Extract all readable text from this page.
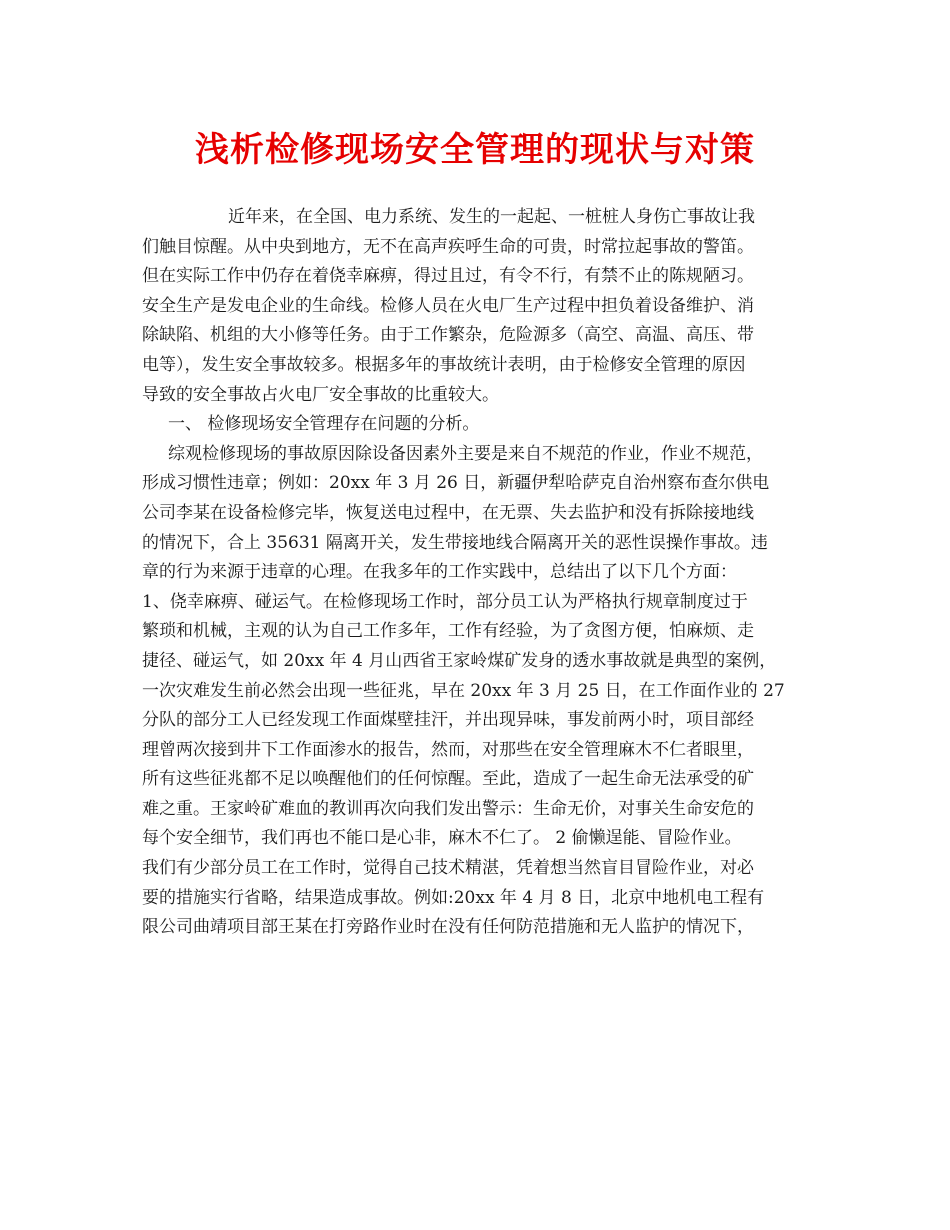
浅析检修现场安全管理的现状与对策
近年来，在全国、电力系统、发生的一起起、一桩桩人身伤亡事故让我
们触目惊醒。从中央到地方，无不在高声疾呼生命的可贵，时常拉起事故的警笛。
但在实际工作中仍存在着侥幸麻痹，得过且过，有令不行，有禁不止的陈规陋习。
安全生产是发电企业的生命线。检修人员在火电厂生产过程中担负着设备维护、消
除缺陷、机组的大小修等任务。由于工作繁杂，危险源多（高空、高温、高压、带
电等），发生安全事故较多。根据多年的事故统计表明，由于检修安全管理的原因
导致的安全事故占火电厂安全事故的比重较大。
一、 检修现场安全管理存在问题的分析。
综观检修现场的事故原因除设备因素外主要是来自不规范的作业，作业不规范，
形成习惯性违章；例如：20xx 年 3 月 26 日，新疆伊犁哈萨克自治州察布查尔供电
公司李某在设备检修完毕，恢复送电过程中，在无票、失去监护和没有拆除接地线
的情况下，合上 35631 隔离开关，发生带接地线合隔离开关的恶性误操作事故。违
章的行为来源于违章的心理。在我多年的工作实践中，总结出了以下几个方面：
1、侥幸麻痹、碰运气。在检修现场工作时，部分员工认为严格执行规章制度过于
繁琐和机械，主观的认为自己工作多年，工作有经验，为了贪图方便，怕麻烦、走
捷径、碰运气，如 20xx 年 4 月山西省王家岭煤矿发身的透水事故就是典型的案例，
一次灾难发生前必然会出现一些征兆，早在 20xx 年 3 月 25 日，在工作面作业的 27
分队的部分工人已经发现工作面煤壁挂汗，并出现异味，事发前两小时，项目部经
理曾两次接到井下工作面渗水的报告，然而，对那些在安全管理麻木不仁者眼里，
所有这些征兆都不足以唤醒他们的任何惊醒。至此，造成了一起生命无法承受的矿
难之重。王家岭矿难血的教训再次向我们发出警示：生命无价，对事关生命安危的
每个安全细节，我们再也不能口是心非，麻木不仁了。 2 偷懒逞能、冒险作业。
我们有少部分员工在工作时，觉得自己技术精湛，凭着想当然盲目冒险作业，对必
要的措施实行省略，结果造成事故。例如:20xx 年 4 月 8 日，北京中地机电工程有
限公司曲靖项目部王某在打旁路作业时在没有任何防范措施和无人监护的情况下，
